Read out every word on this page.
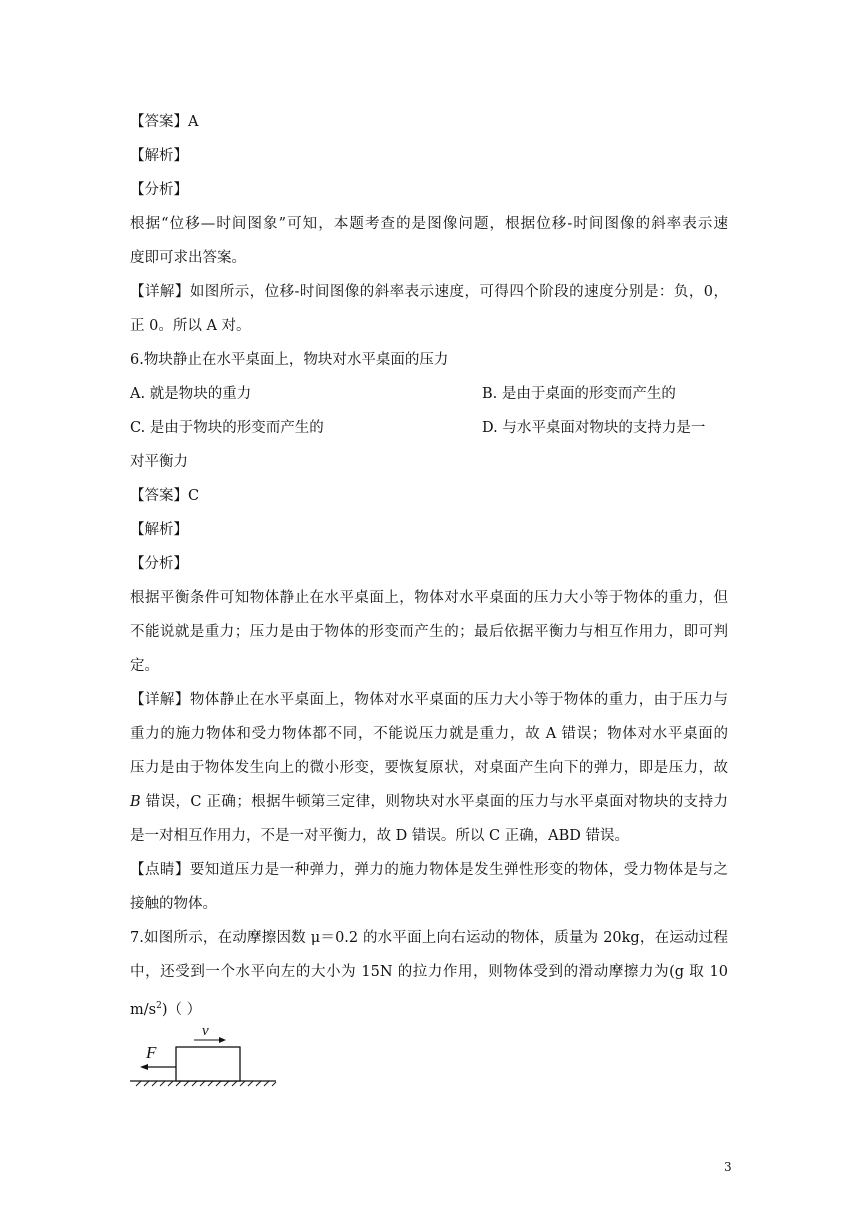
【答案】A
【解析】
【分析】
根据“位移—时间图象”可知，本题考查的是图像问题，根据位移-时间图像的斜率表示速
度即可求出答案。
【详解】如图所示，位移-时间图像的斜率表示速度，可得四个阶段的速度分别是：负，0，
正 0。所以 A 对。
6.物块静止在水平桌面上，物块对水平桌面的压力
A. 就是物块的重力	B. 是由于桌面的形变而产生的
C. 是由于物块的形变而产生的	D. 与水平桌面对物块的支持力是一
对平衡力
【答案】C
【解析】
【分析】
根据平衡条件可知物体静止在水平桌面上，物体对水平桌面的压力大小等于物体的重力，但
不能说就是重力；压力是由于物体的形变而产生的；最后依据平衡力与相互作用力，即可判
定。
【详解】物体静止在水平桌面上，物体对水平桌面的压力大小等于物体的重力，由于压力与
重力的施力物体和受力物体都不同，不能说压力就是重力，故 A 错误；物体对水平桌面的
压力是由于物体发生向上的微小形变，要恢复原状，对桌面产生向下的弹力，即是压力，故
B 错误，C 正确；根据牛顿第三定律，则物块对水平桌面的压力与水平桌面对物块的支持力
是一对相互作用力，不是一对平衡力，故 D 错误。所以 C 正确，ABD 错误。
【点睛】要知道压力是一种弹力，弹力的施力物体是发生弹性形变的物体，受力物体是与之
接触的物体。
7.如图所示，在动摩擦因数 μ＝0.2 的水平面上向右运动的物体，质量为 20kg，在运动过程
中，还受到一个水平向左的大小为 15N 的拉力作用，则物体受到的滑动摩擦力为(g 取 10
$m/s^2$)（ ）
F
v
3
